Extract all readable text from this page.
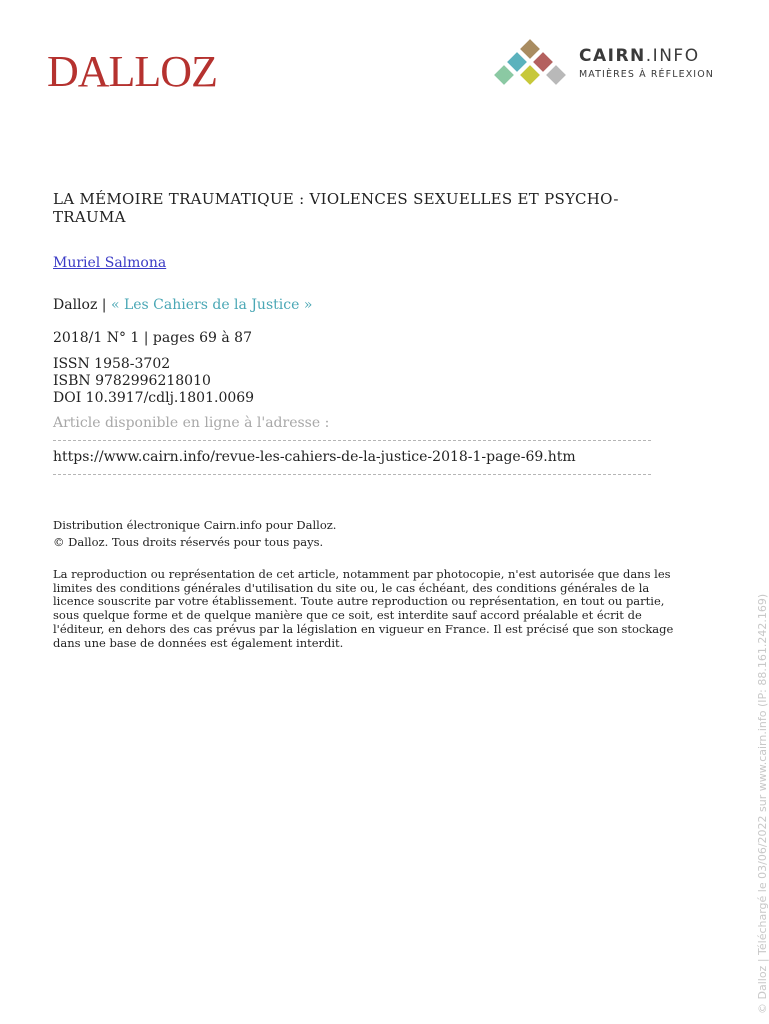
DALLOZ	CAIRN.INFO
MATIÈRES À RÉFLEXION
LA MÉMOIRE TRAUMATIQUE : VIOLENCES SEXUELLES ET PSYCHO-
TRAUMA
Muriel Salmona
Dalloz | « Les Cahiers de la Justice »
2018/1 N° 1 | pages 69 à 87
ISSN 1958-3702
ISBN 9782996218010
DOI 10.3917/cdlj.1801.0069
Article disponible en ligne à l'adresse :
https://www.cairn.info/revue-les-cahiers-de-la-justice-2018-1-page-69.htm
Distribution électronique Cairn.info pour Dalloz.
© Dalloz. Tous droits réservés pour tous pays.
La reproduction ou représentation de cet article, notamment par photocopie, n'est autorisée que dans les
limites des conditions générales d'utilisation du site ou, le cas échéant, des conditions générales de la
licence souscrite par votre établissement. Toute autre reproduction ou représentation, en tout ou partie,
sous quelque forme et de quelque manière que ce soit, est interdite sauf accord préalable et écrit de
l'éditeur, en dehors des cas prévus par la législation en vigueur en France. Il est précisé que son stockage
dans une base de données est également interdit.	© Dalloz | Téléchargé le 03/06/2022 sur www.cairn.info (IP: 88.161.242.169)
